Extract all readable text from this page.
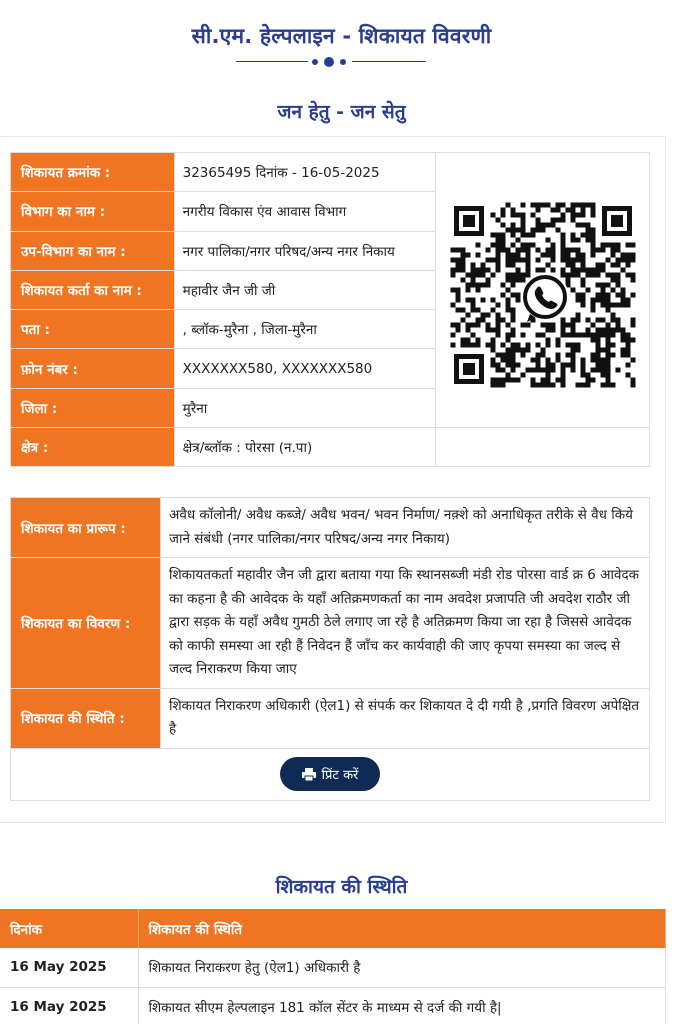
सी.एम. हेल्पलाइन - शिकायत विवरणी
जन हेतु - जन सेतु
शिकायत क्रमांक :	32365495 दिनांक - 16-05-2025	
विभाग का नाम :	नगरीय विकास एंव आवास विभाग	
उप-विभाग का नाम :	नगर पालिका/नगर परिषद/अन्य नगर निकाय	
शिकायत कर्ता का नाम :	महावीर जैन जी जी	
पता :	, ब्लॉक-मुरैना , जिला-मुरैना	
फ़ोन नंबर :	XXXXXXX580, XXXXXXX580	
जिला :	मुरैना	
क्षेत्र :	क्षेत्र/ब्लॉक : पोरसा (न.पा)	
शिकायत का प्रारूप :	अवैध कॉलोनी/ अवैध कब्जे/ अवैध भवन/ भवन निर्माण/ नक़्शे को अनाधिकृत तरीके से वैध किये जाने संबंधी (नगर पालिका/नगर परिषद/अन्य नगर निकाय)
शिकायत का विवरण :	शिकायतकर्ता महावीर जैन जी द्वारा बताया गया कि स्थानसब्जी मंडी रोड पोरसा वार्ड क्र 6 आवेदक का कहना है की आवेदक के यहाँ अतिक्रमणकर्ता का नाम अवदेश प्रजापति जी अवदेश राठौर जी द्वारा सड़क के यहाँ अवैध गुमठी ठेले लगाए जा रहे है अतिक्रमण किया जा रहा है जिससे आवेदक को काफी समस्या आ रही हैं निवेदन हैं जाँच कर कार्यवाही की जाए कृपया समस्या का जल्द से जल्द निराकरण किया जाए
शिकायत की स्थिति :	शिकायत निराकरण अधिकारी (ऐल1) से संपर्क कर शिकायत दे दी गयी है ,प्रगति विवरण अपेक्षित है

प्रिंट करें	
शिकायत की स्थिति
दिनांक	शिकायत की स्थिति
16 May 2025	शिकायत निराकरण हेतु (ऐल1) अधिकारी है
16 May 2025	शिकायत सीएम हेल्पलाइन 181 कॉल सेंटर के माध्यम से दर्ज की गयी है|
